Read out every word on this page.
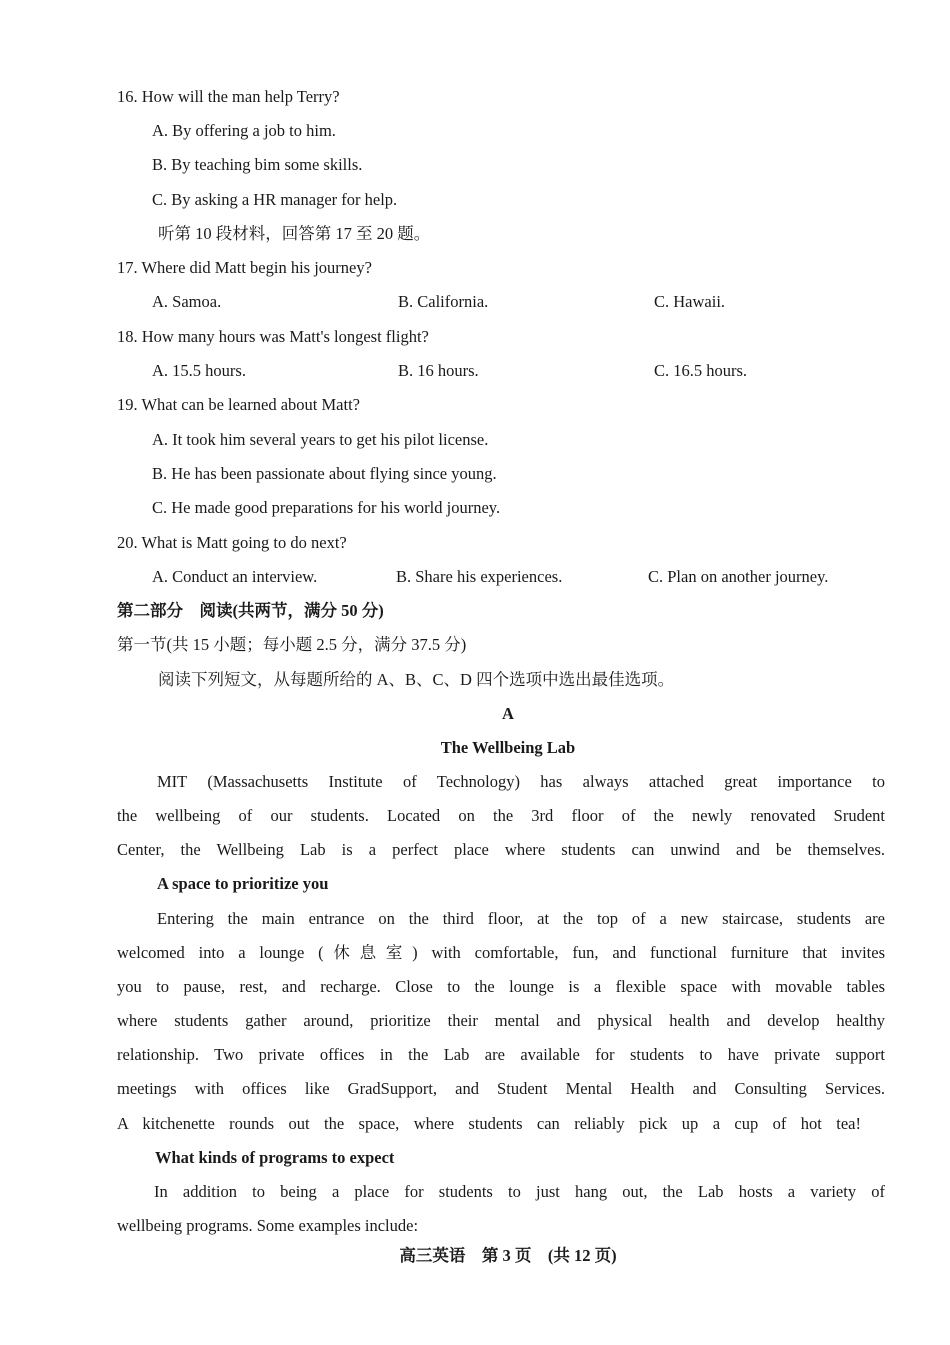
16. How will the man help Terry?
A. By offering a job to him.
B. By teaching bim some skills.
C. By asking a HR manager for help.
听第 10 段材料，回答第 17 至 20 题。
17. Where did Matt begin his journey?
A. Samoa.	B. California.	C. Hawaii.
18. How many hours was Matt's longest flight?
A. 15.5 hours.	B. 16 hours.	C. 16.5 hours.
19. What can be learned about Matt?
A. It took him several years to get his pilot license.
B. He has been passionate about flying since young.
C. He made good preparations for his world journey.
20. What is Matt going to do next?
A. Conduct an interview.	B. Share his experiences.	C. Plan on another journey.
第二部分　阅读(共两节，满分 50 分)
第一节(共 15 小题；每小题 2.5 分，满分 37.5 分)
阅读下列短文，从每题所给的 A、B、C、D 四个选项中选出最佳选项。
A
The Wellbeing Lab
MIT (Massachusetts Institute of Technology) has always attached great importance to
the wellbeing of our students. Located on the 3rd floor of the newly renovated Srudent
Center, the Wellbeing Lab is a perfect place where students can unwind and be themselves.
A space to prioritize you
Entering the main entrance on the third floor, at the top of a new staircase, students are
welcomed into a lounge (休息室) with comfortable, fun, and functional furniture that invites
you to pause, rest, and recharge. Close to the lounge is a flexible space with movable tables
where students gather around, prioritize their mental and physical health and develop healthy
relationship. Two private offices in the Lab are available for students to have private support
meetings with offices like GradSupport, and Student Mental Health and Consulting Services.
A kitchenette rounds out the space, where students can reliably pick up a cup of hot tea!
What kinds of programs to expect
In addition to being a place for students to just hang out, the Lab hosts a variety of
wellbeing programs. Some examples include:
高三英语　第 3 页　(共 12 页)
